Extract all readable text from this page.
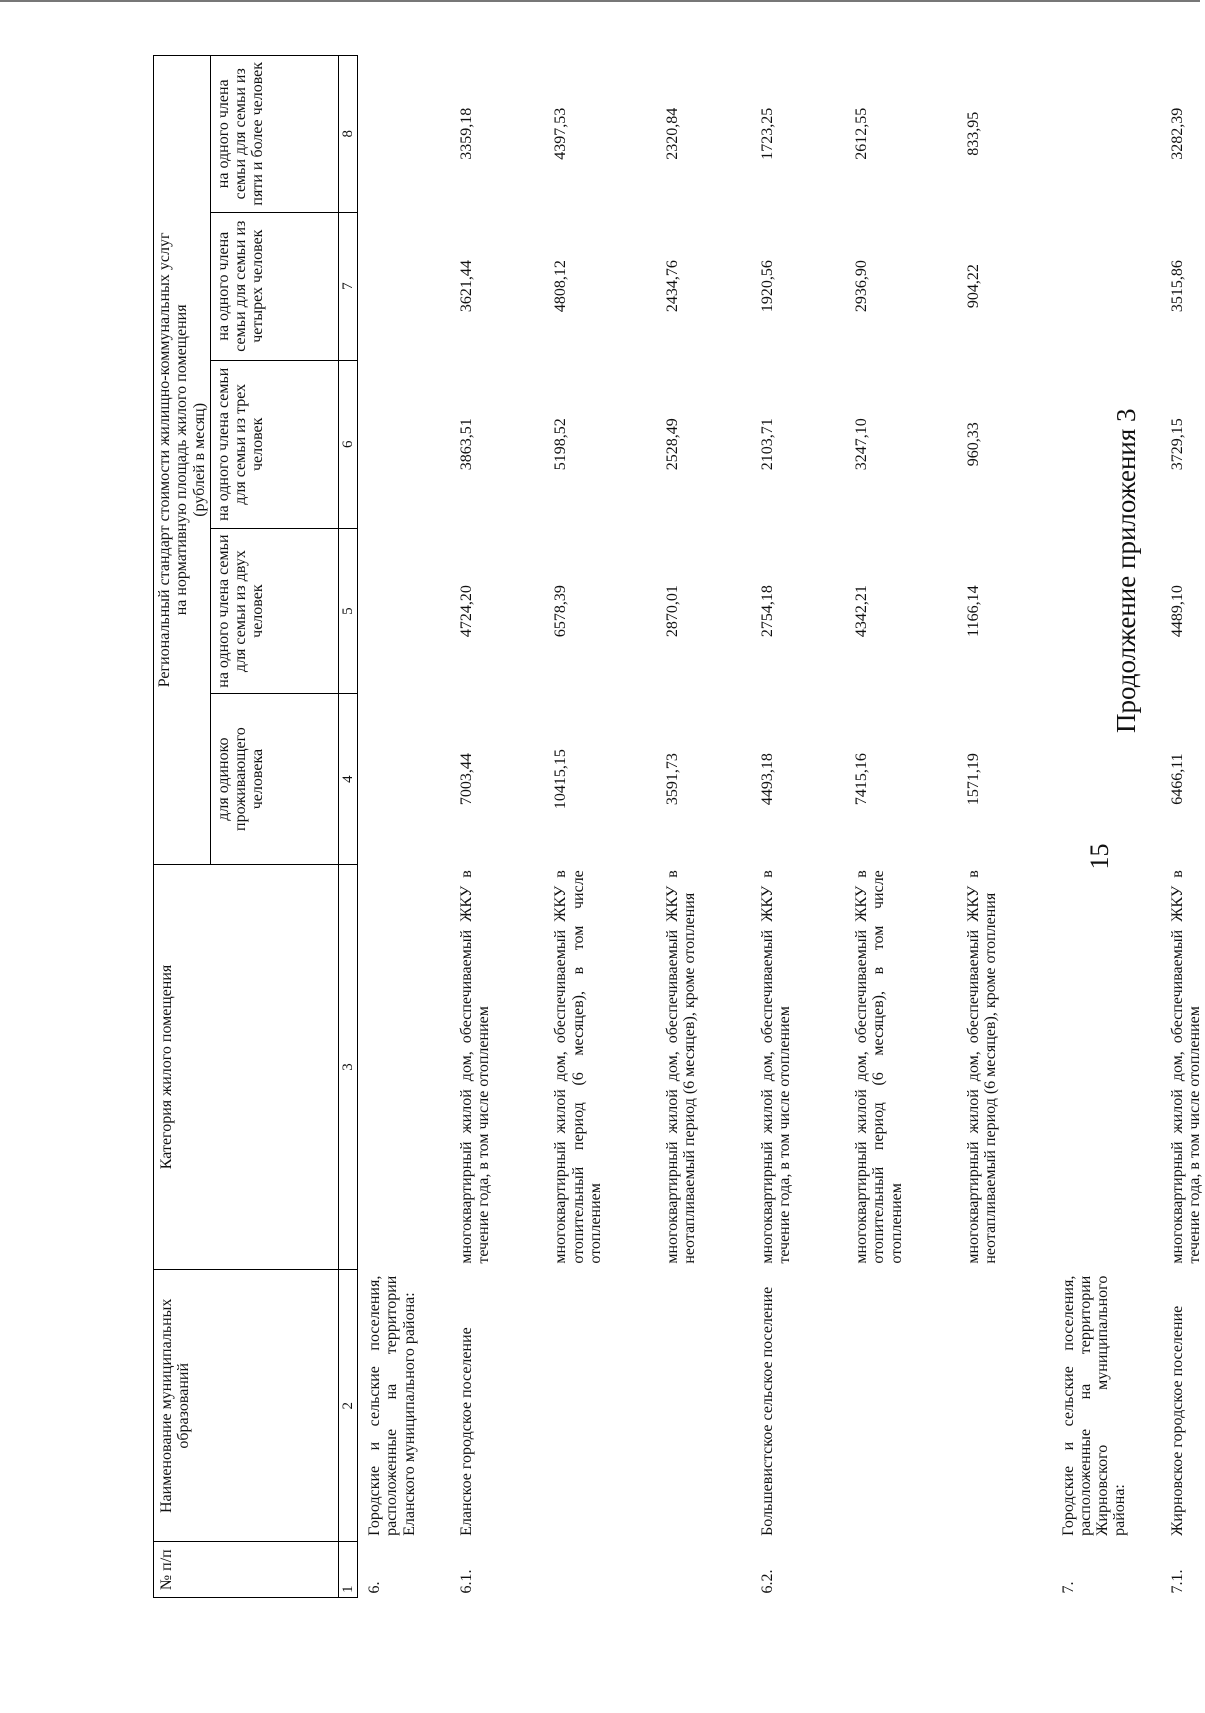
15
Продолжение приложения 3
№ п/п	Наименование муниципальных образований	Категория жилого помещения	Региональный стандарт стоимости жилищно-коммунальных услуг на нормативную площадь жилого помещения (рублей в месяц)				

			для одиноко проживающего человека	на одного члена семьи для семьи из двух человек	на одного члена семьи для семьи из трех человек	на одного члена семьи для семьи из четырех человек	на одного члена семьи для семьи из пяти и более человек
1	2	3	4	5	6	7	8
6.	Городские и сельские поселения, расположенные на территории Еланского муниципального района:						

6.1.	Еланское городское поселение	многоквартирный жилой дом, обеспечиваемый ЖКУ в течение года, в том числе отоплением	7003,44	4724,20	3863,51	3621,44	3359,18

		многоквартирный жилой дом, обеспечиваемый ЖКУ в отопительный период (6 месяцев), в том числе отоплением	10415,15	6578,39	5198,52	4808,12	4397,53

		многоквартирный жилой дом, обеспечиваемый ЖКУ в неотапливаемый период (6 месяцев), кроме отопления	3591,73	2870,01	2528,49	2434,76	2320,84

6.2.	Большевистское сельское поселение	многоквартирный жилой дом, обеспечиваемый ЖКУ в течение года, в том числе отоплением	4493,18	2754,18	2103,71	1920,56	1723,25

		многоквартирный жилой дом, обеспечиваемый ЖКУ в отопительный период (6 месяцев), в том числе отоплением	7415,16	4342,21	3247,10	2936,90	2612,55

		многоквартирный жилой дом, обеспечиваемый ЖКУ в неотапливаемый период (6 месяцев), кроме отопления	1571,19	1166,14	960,33	904,22	833,95

7.	Городские и сельские поселения, расположенные на территории Жирновского муниципального района:						

7.1.	Жирновское городское поселение	многоквартирный жилой дом, обеспечиваемый ЖКУ в течение года, в том числе отоплением	6466,11	4489,10	3729,15	3515,86	3282,39
